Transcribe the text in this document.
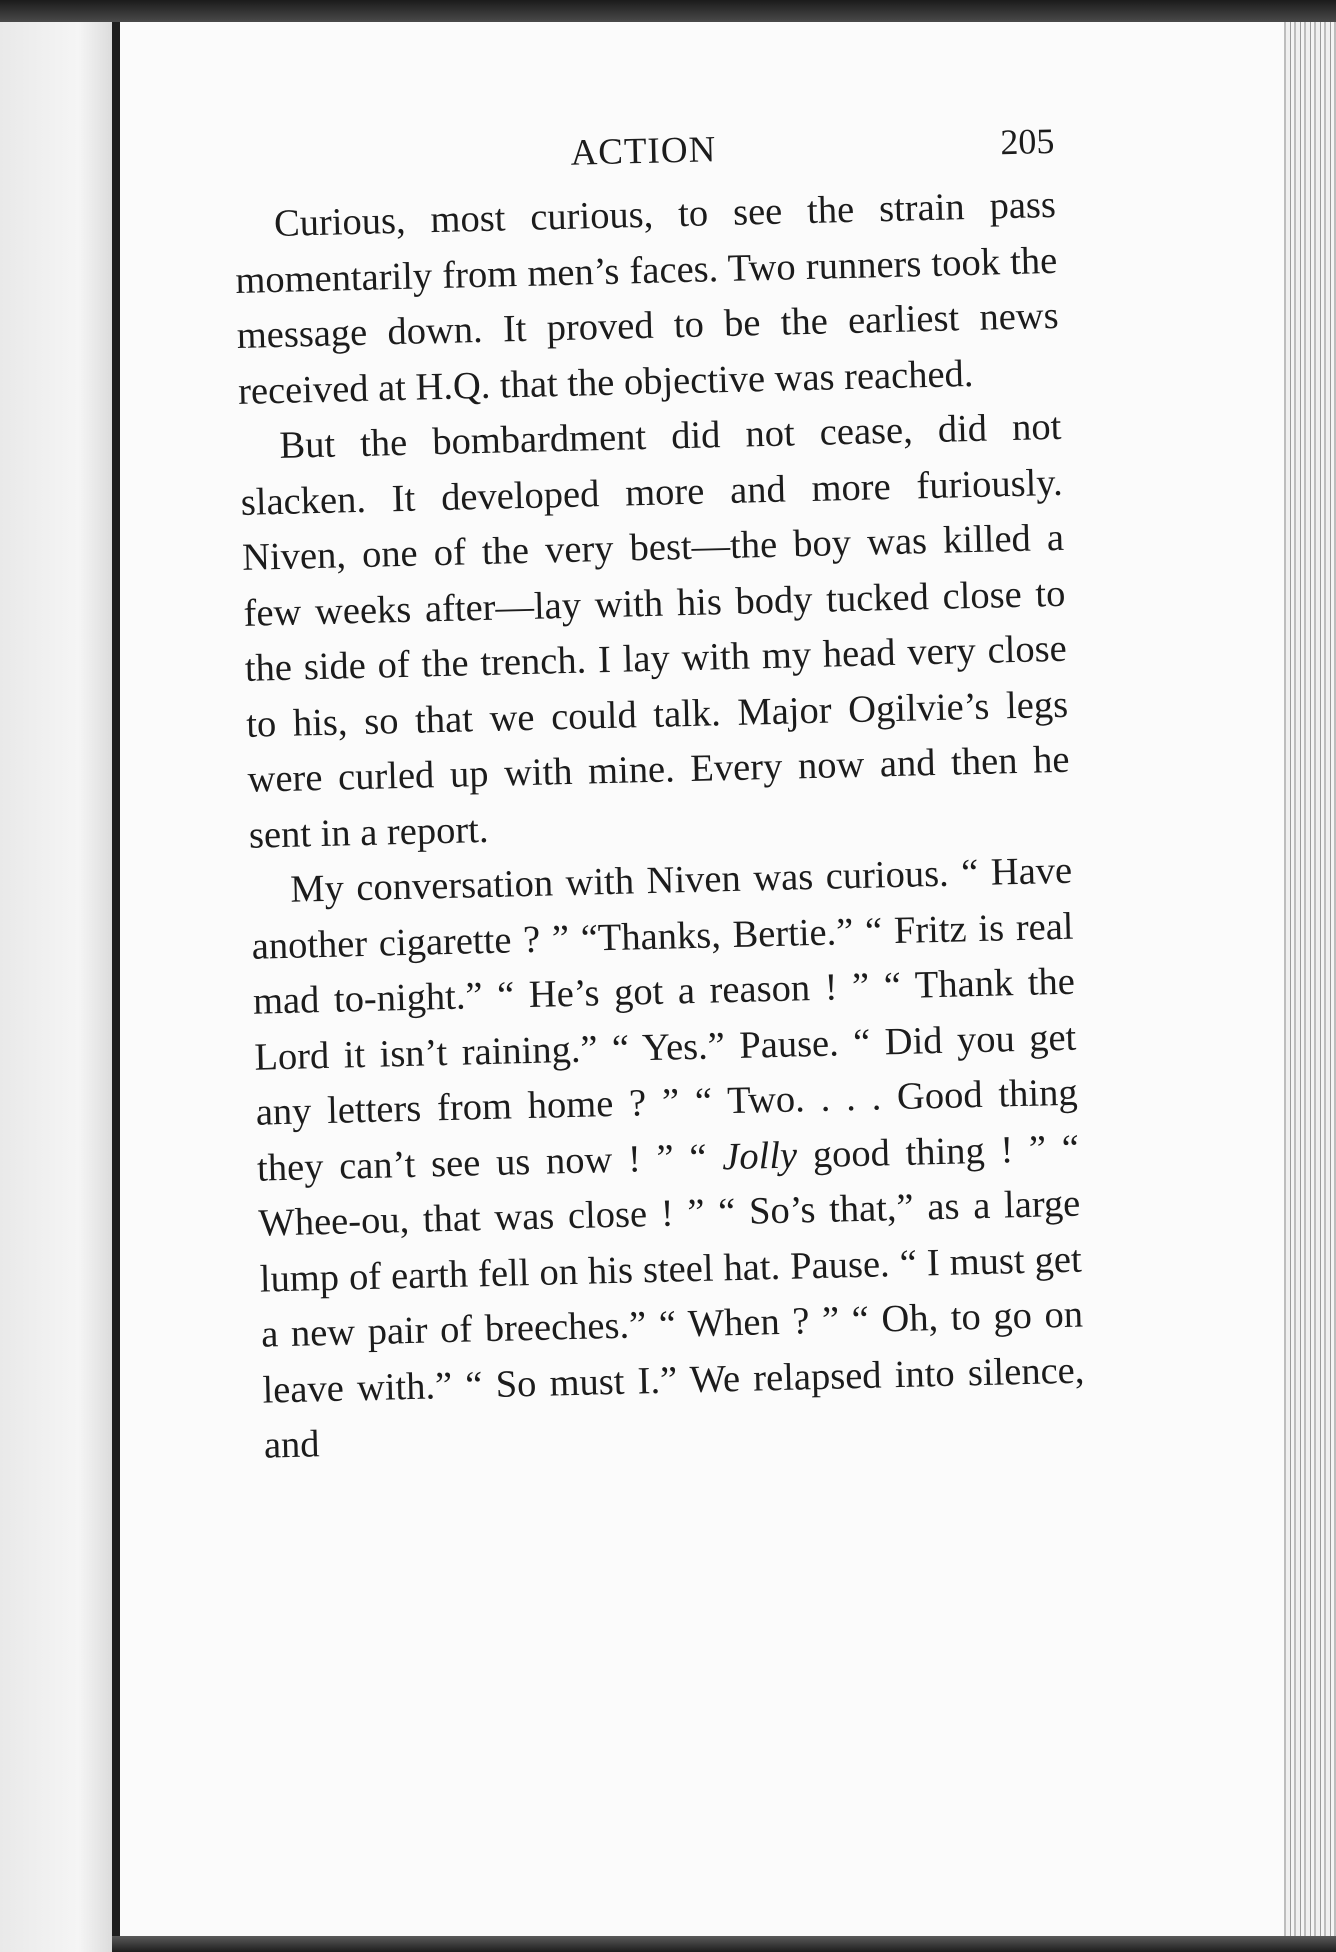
ACTION	205

Curious, most curious, to see the strain pass momentarily from men’s faces. Two runners took the message down. It proved to be the earliest news received at H.Q. that the objective was reached.

But the bombardment did not cease, did not slacken. It developed more and more furiously. Niven, one of the very best—the boy was killed a few weeks after—lay with his body tucked close to the side of the trench. I lay with my head very close to his, so that we could talk. Major Ogilvie’s legs were curled up with mine. Every now and then he sent in a report.

My conversation with Niven was curious. “ Have another cigarette ? ” “Thanks, Bertie.” “ Fritz is real mad to-night.” “ He’s got a reason ! ” “ Thank the Lord it isn’t raining.” “ Yes.” Pause. “ Did you get any letters from home ? ” “ Two. . . . Good thing they can’t see us now ! ” “ Jolly good thing ! ” “ Whee-ou, that was close ! ” “ So’s that,” as a large lump of earth fell on his steel hat. Pause. “ I must get a new pair of breeches.” “ When ? ” “ Oh, to go on leave with.” “ So must I.” We relapsed into silence, and
